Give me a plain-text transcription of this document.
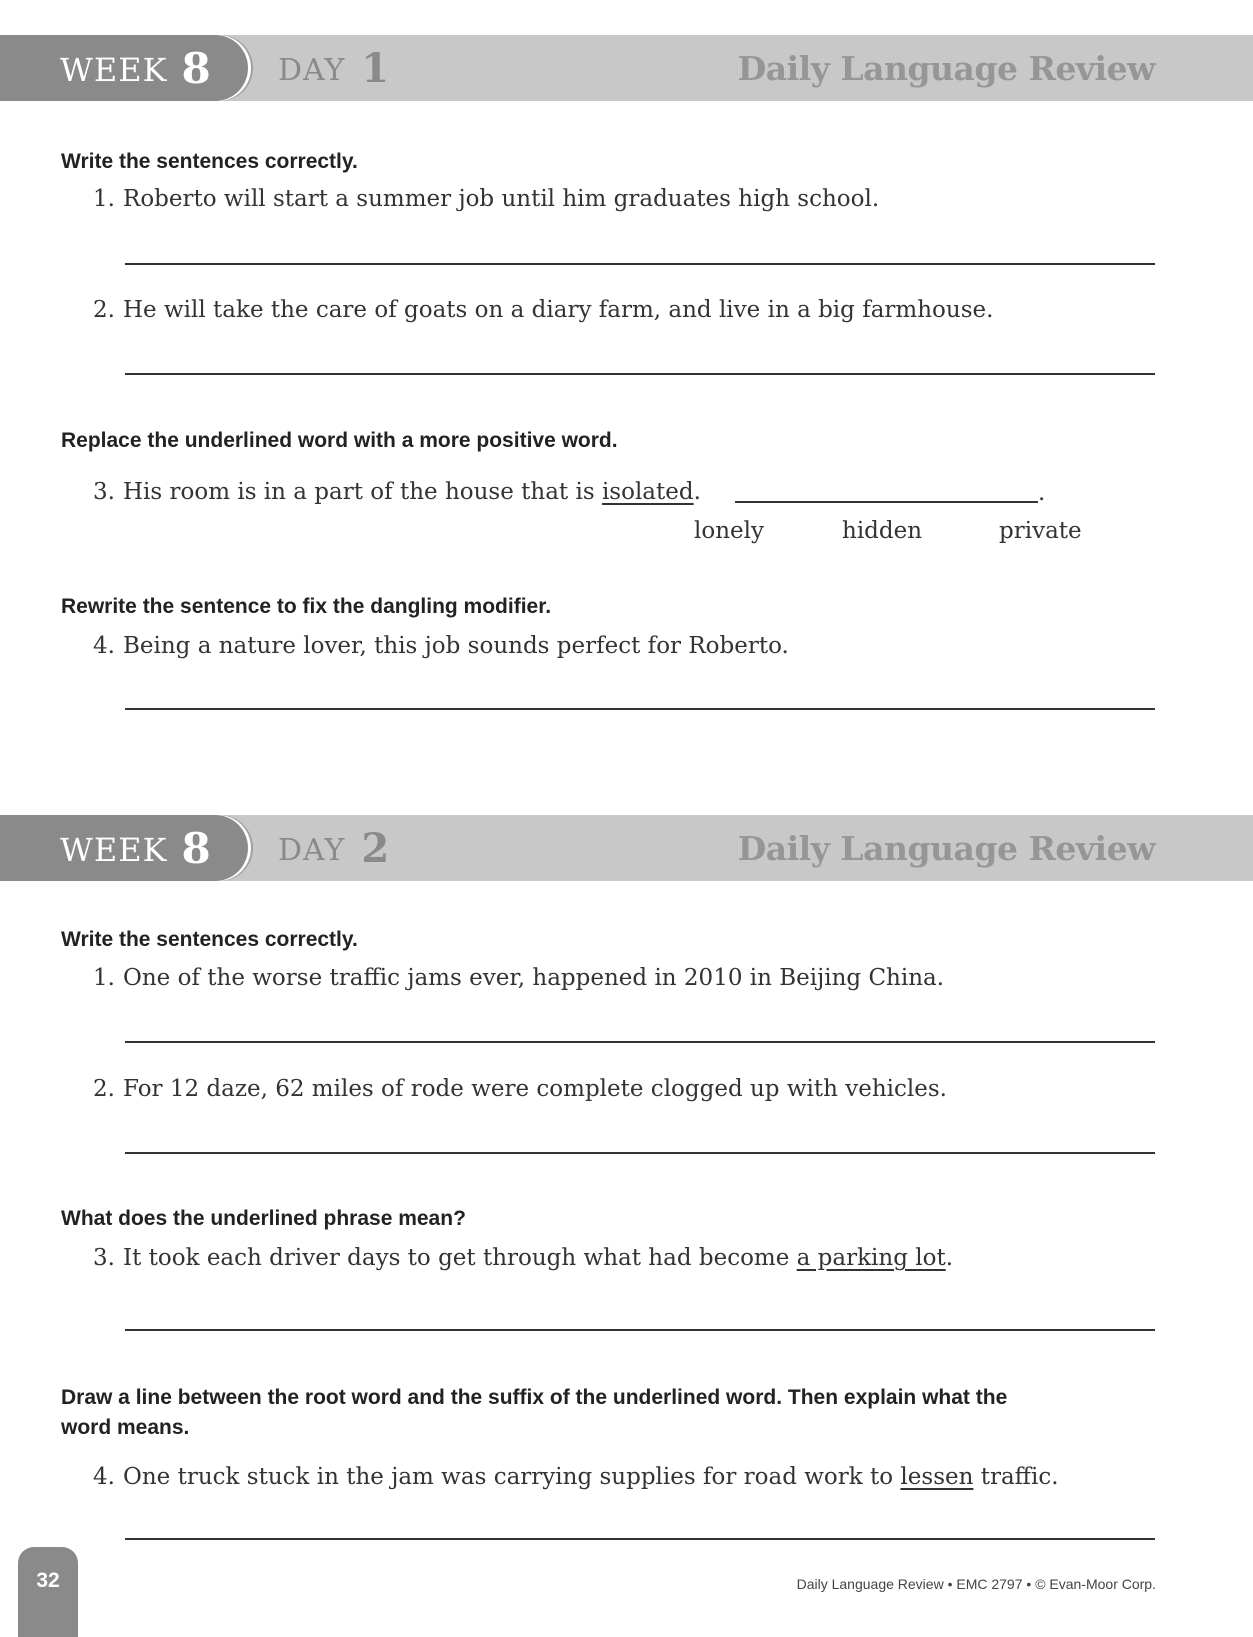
WEEK 8 DAY 1	Daily Language Review
Write the sentences correctly.
1. Roberto will start a summer job until him graduates high school.
2. He will take the care of goats on a diary farm, and live in a big farmhouse.
Replace the underlined word with a more positive word.
3. His room is in a part of the house that is isolated.	.
lonely	hidden	private
Rewrite the sentence to fix the dangling modifier.
4. Being a nature lover, this job sounds perfect for Roberto.
WEEK 8 DAY 2	Daily Language Review
Write the sentences correctly.
1. One of the worse traffic jams ever, happened in 2010 in Beijing China.
2. For 12 daze, 62 miles of rode were complete clogged up with vehicles.
What does the underlined phrase mean?
3. It took each driver days to get through what had become a parking lot.
Draw a line between the root word and the suffix of the underlined word. Then explain what the
word means.
4. One truck stuck in the jam was carrying supplies for road work to lessen traffic.
32	Daily Language Review • EMC 2797 • © Evan-Moor Corp.
